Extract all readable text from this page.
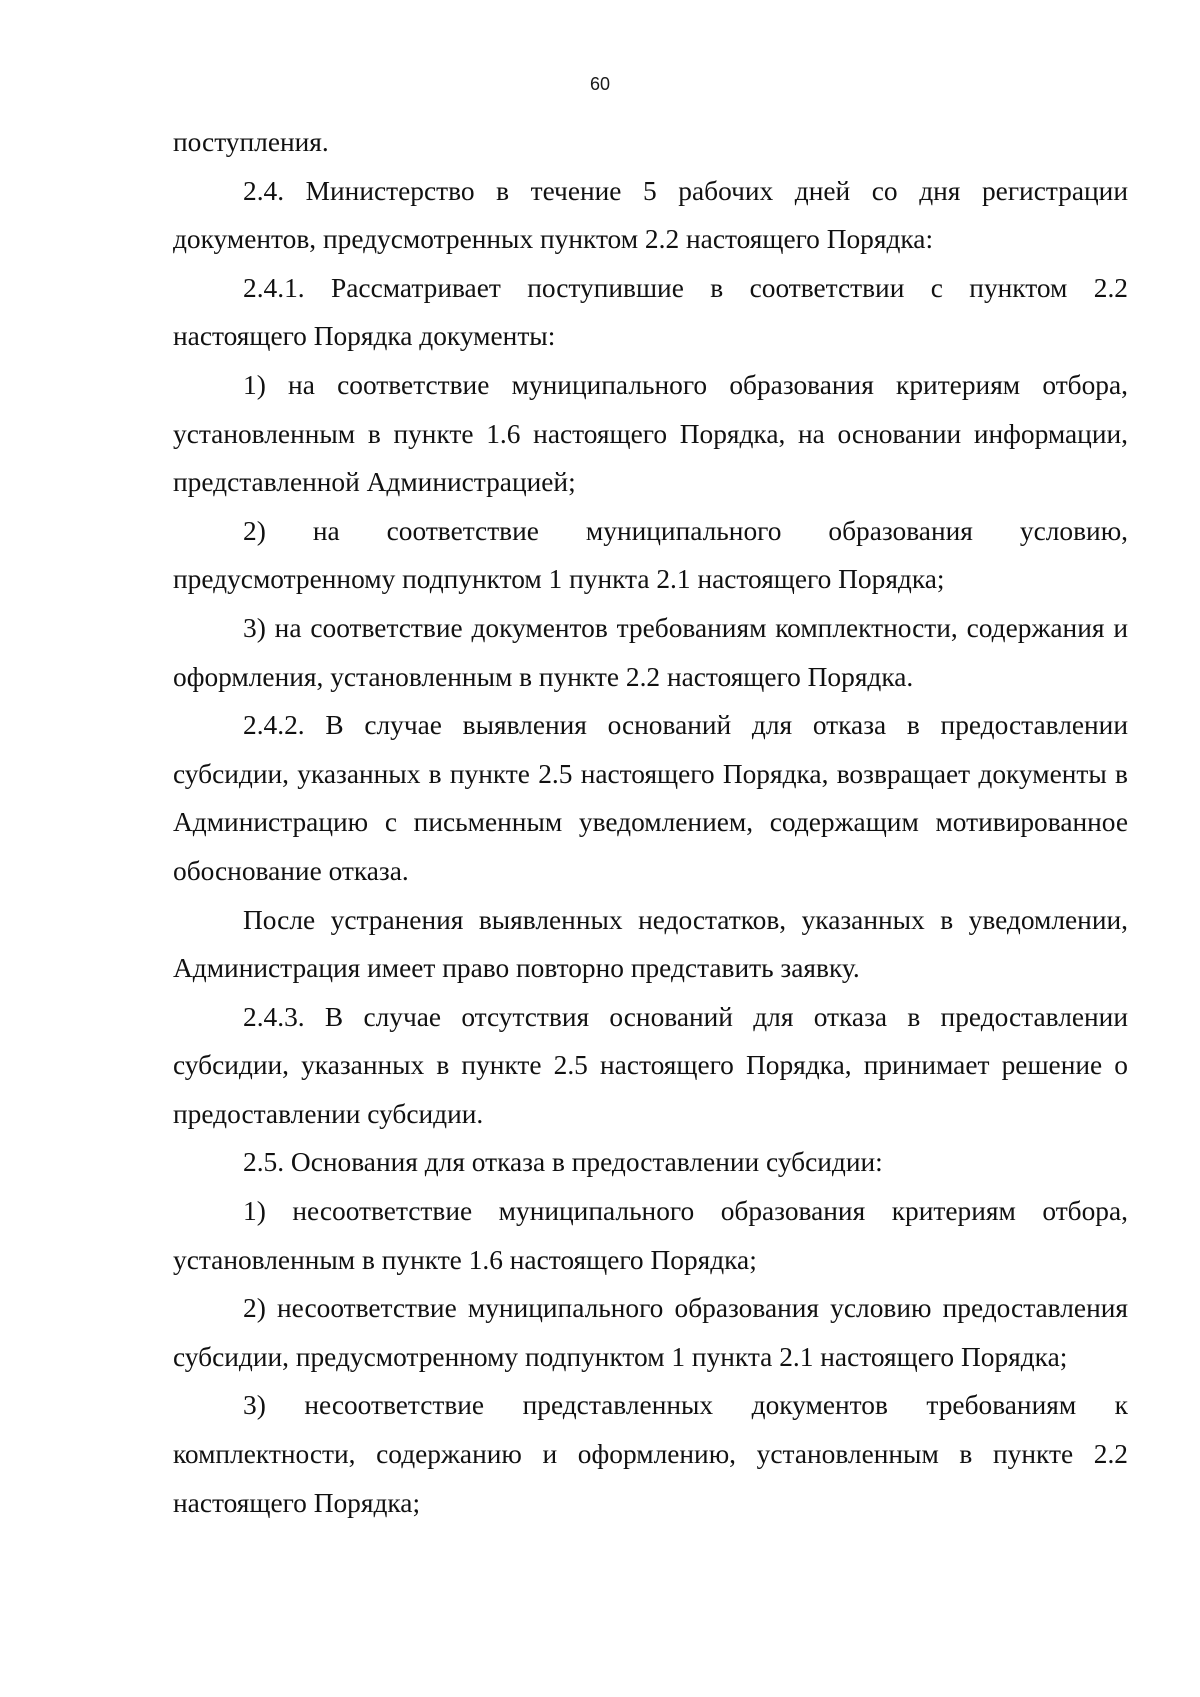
60

поступления.

2.4. Министерство в течение 5 рабочих дней со дня регистрации документов, предусмотренных пунктом 2.2 настоящего Порядка:

2.4.1. Рассматривает поступившие в соответствии с пунктом 2.2 настоящего Порядка документы:

1) на соответствие муниципального образования критериям отбора, установленным в пункте 1.6 настоящего Порядка, на основании информации, представленной Администрацией;

2) на соответствие муниципального образования условию, предусмотренному подпунктом 1 пункта 2.1 настоящего Порядка;

3) на соответствие документов требованиям комплектности, содержания и оформления, установленным в пункте 2.2 настоящего Порядка.

2.4.2. В случае выявления оснований для отказа в предоставлении субсидии, указанных в пункте 2.5 настоящего Порядка, возвращает документы в Администрацию с письменным уведомлением, содержащим мотивированное обоснование отказа.

После устранения выявленных недостатков, указанных в уведомлении, Администрация имеет право повторно представить заявку.

2.4.3. В случае отсутствия оснований для отказа в предоставлении субсидии, указанных в пункте 2.5 настоящего Порядка, принимает решение о предоставлении субсидии.

2.5. Основания для отказа в предоставлении субсидии:

1) несоответствие муниципального образования критериям отбора, установленным в пункте 1.6 настоящего Порядка;

2) несоответствие муниципального образования условию предоставления субсидии, предусмотренному подпунктом 1 пункта 2.1 настоящего Порядка;

3) несоответствие представленных документов требованиям к комплектности, содержанию и оформлению, установленным в пункте 2.2 настоящего Порядка;
